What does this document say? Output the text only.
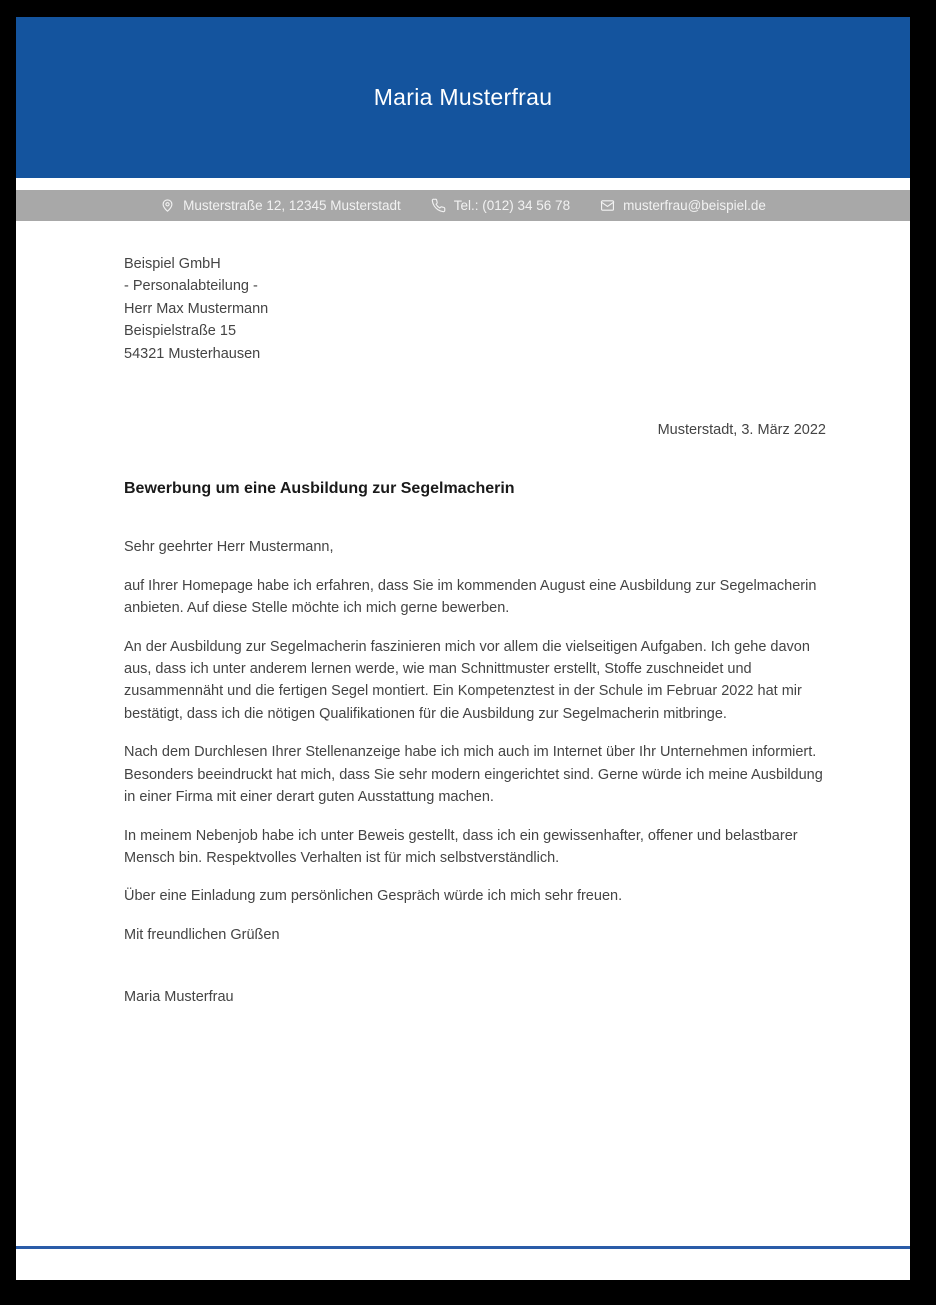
Maria Musterfrau
Musterstraße 12, 12345 Musterstadt	Tel.: (012) 34 56 78	musterfrau@beispiel.de
Beispiel GmbH
- Personalabteilung -
Herr Max Mustermann
Beispielstraße 15
54321 Musterhausen
Musterstadt, 3. März 2022
Bewerbung um eine Ausbildung zur Segelmacherin
Sehr geehrter Herr Mustermann,
auf Ihrer Homepage habe ich erfahren, dass Sie im kommenden August eine Ausbildung zur Segelmacherin anbieten. Auf diese Stelle möchte ich mich gerne bewerben.
An der Ausbildung zur Segelmacherin faszinieren mich vor allem die vielseitigen Aufgaben. Ich gehe davon aus, dass ich unter anderem lernen werde, wie man Schnittmuster erstellt, Stoffe zuschneidet und zusammennäht und die fertigen Segel montiert. Ein Kompetenztest in der Schule im Februar 2022 hat mir bestätigt, dass ich die nötigen Qualifikationen für die Ausbildung zur Segelmacherin mitbringe.
Nach dem Durchlesen Ihrer Stellenanzeige habe ich mich auch im Internet über Ihr Unternehmen informiert. Besonders beeindruckt hat mich, dass Sie sehr modern eingerichtet sind. Gerne würde ich meine Ausbildung in einer Firma mit einer derart guten Ausstattung machen.
In meinem Nebenjob habe ich unter Beweis gestellt, dass ich ein gewissenhafter, offener und belastbarer Mensch bin. Respektvolles Verhalten ist für mich selbstverständlich.
Über eine Einladung zum persönlichen Gespräch würde ich mich sehr freuen.
Mit freundlichen Grüßen
Maria Musterfrau
